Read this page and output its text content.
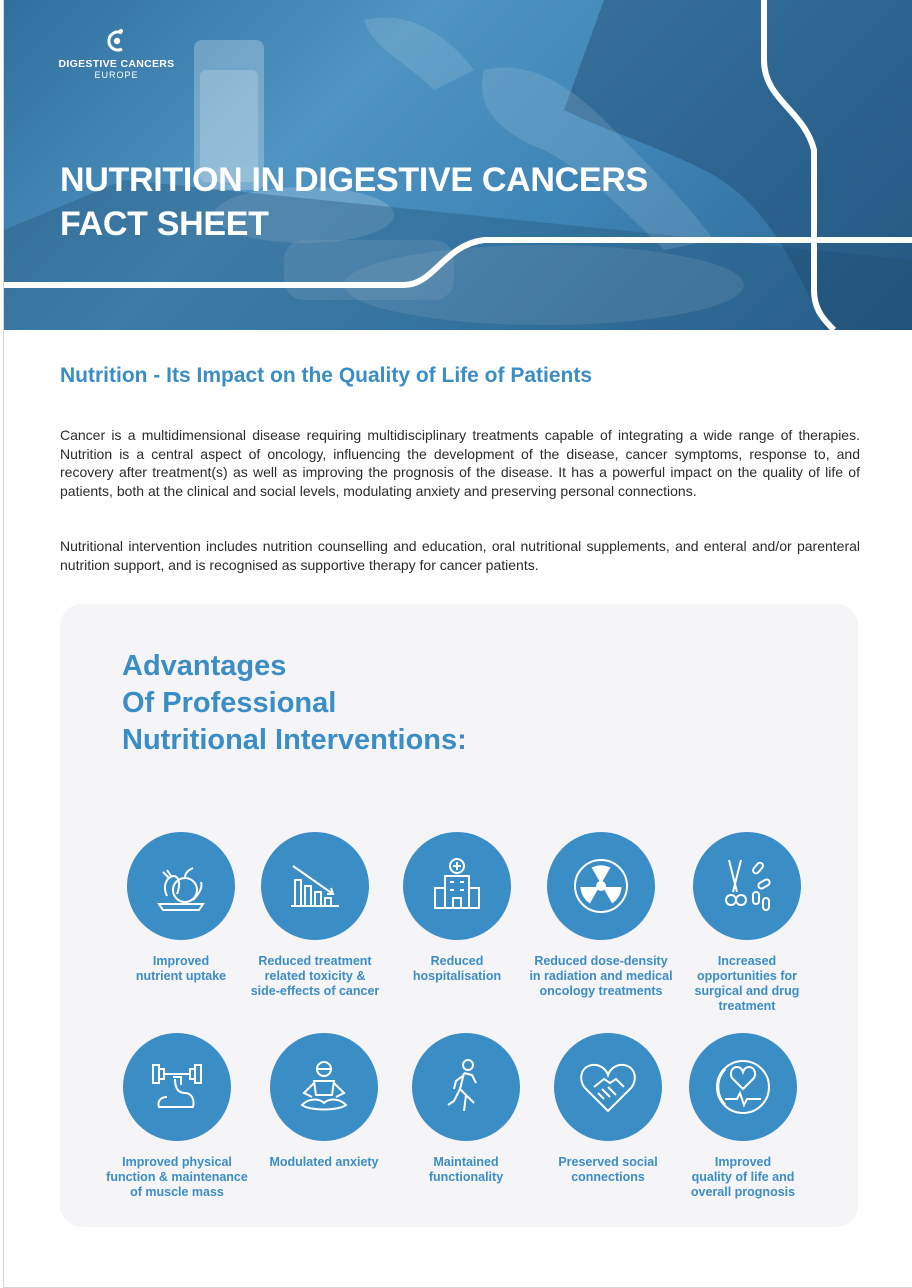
DIGESTIVE CANCERS
EUROPE
NUTRITION IN DIGESTIVE CANCERS
FACT SHEET
Nutrition - Its Impact on the Quality of Life of Patients

Cancer is a multidimensional disease requiring multidisciplinary treatments capable of integrating a wide range of therapies. Nutrition is a central aspect of oncology, influencing the development of the disease, cancer symptoms, response to, and recovery after treatment(s) as well as improving the prognosis of the disease. It has a powerful impact on the quality of life of patients, both at the clinical and social levels, modulating anxiety and preserving personal connections.

Nutritional intervention includes nutrition counselling and education, oral nutritional supplements, and enteral and/or parenteral nutrition support, and is recognised as supportive therapy for cancer patients.

Advantages
Of Professional
Nutritional Interventions:
Improved
nutrient uptake
Reduced treatment
related toxicity &
side-effects of cancer
Reduced
hospitalisation
Reduced dose-density
in radiation and medical
oncology treatments
Increased
opportunities for
surgical and drug
treatment
Improved physical
function & maintenance
of muscle mass
Modulated anxiety	Maintained
functionality
Preserved social
connections
Improved
quality of life and
overall prognosis
